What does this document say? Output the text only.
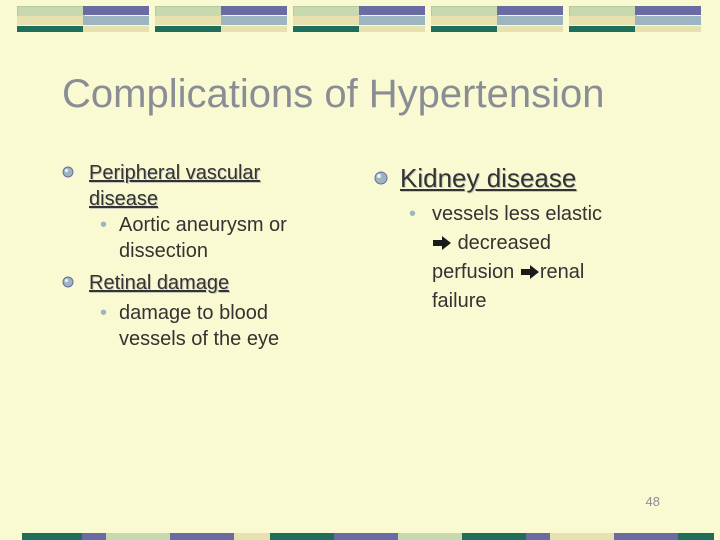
Complications of Hypertension
Peripheral vascular
disease
• Aortic aneurysm or
dissection
Retinal damage
• damage to blood
vessels of the eye
Kidney disease
• vessels less elastic
decreased
perfusion renal
failure
48
